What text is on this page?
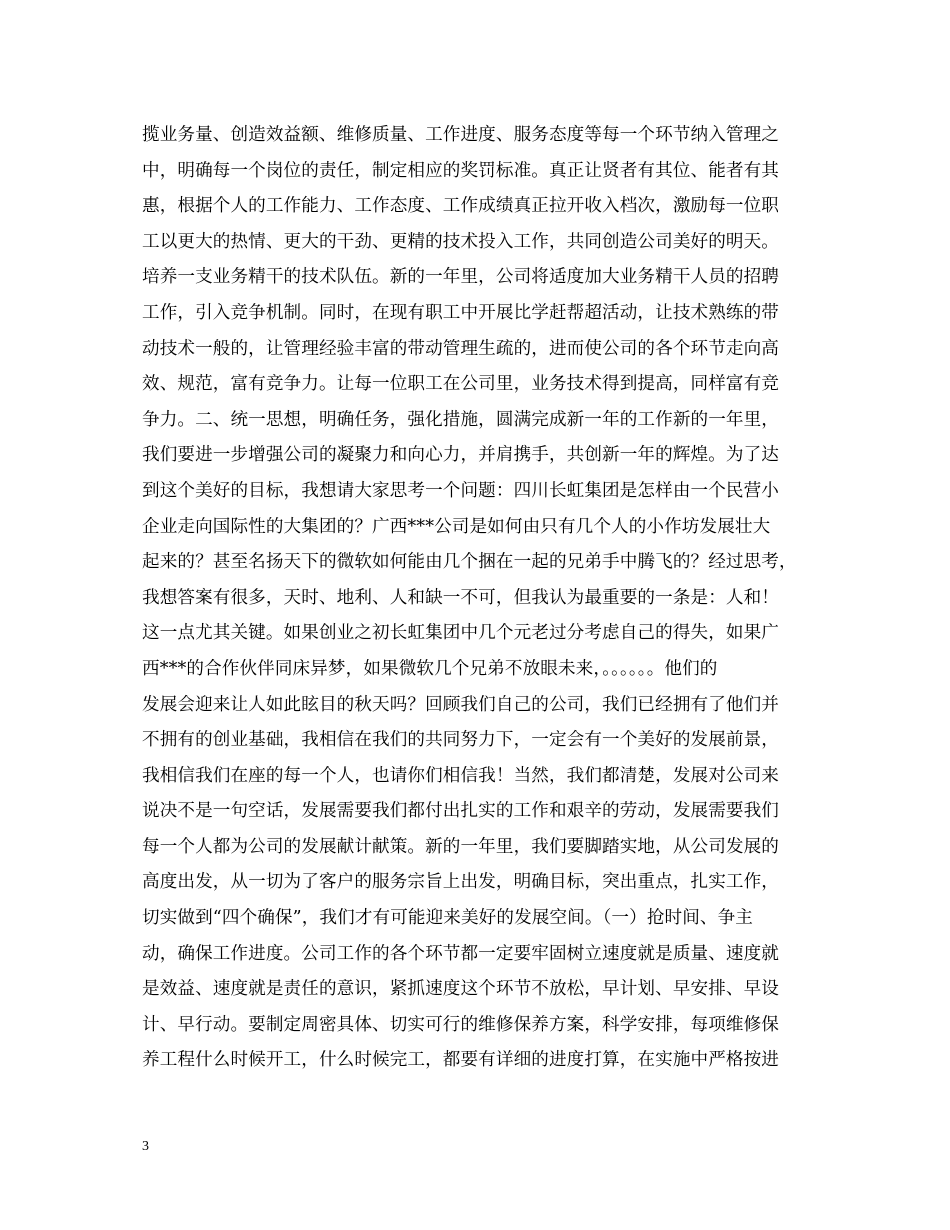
揽业务量、创造效益额、维修质量、工作进度、服务态度等每一个环节纳入管理之
中，明确每一个岗位的责任，制定相应的奖罚标准。真正让贤者有其位、能者有其
惠，根据个人的工作能力、工作态度、工作成绩真正拉开收入档次，激励每一位职
工以更大的热情、更大的干劲、更精的技术投入工作，共同创造公司美好的明天。
培养一支业务精干的技术队伍。新的一年里，公司将适度加大业务精干人员的招聘
工作，引入竞争机制。同时，在现有职工中开展比学赶帮超活动，让技术熟练的带
动技术一般的，让管理经验丰富的带动管理生疏的，进而使公司的各个环节走向高
效、规范，富有竞争力。让每一位职工在公司里，业务技术得到提高，同样富有竞
争力。二、统一思想，明确任务，强化措施，圆满完成新一年的工作新的一年里，
我们要进一步增强公司的凝聚力和向心力，并肩携手，共创新一年的辉煌。为了达
到这个美好的目标，我想请大家思考一个问题：四川长虹集团是怎样由一个民营小
企业走向国际性的大集团的？广西***公司是如何由只有几个人的小作坊发展壮大
起来的？甚至名扬天下的微软如何能由几个捆在一起的兄弟手中腾飞的？经过思考，
我想答案有很多，天时、地利、人和缺一不可，但我认为最重要的一条是：人和！
这一点尤其关键。如果创业之初长虹集团中几个元老过分考虑自己的得失，如果广
西***的合作伙伴同床异梦，如果微软几个兄弟不放眼未来，。。。。。。他们的
发展会迎来让人如此眩目的秋天吗？回顾我们自己的公司，我们已经拥有了他们并
不拥有的创业基础，我相信在我们的共同努力下，一定会有一个美好的发展前景，
我相信我们在座的每一个人，也请你们相信我！当然，我们都清楚，发展对公司来
说决不是一句空话，发展需要我们都付出扎实的工作和艰辛的劳动，发展需要我们
每一个人都为公司的发展献计献策。新的一年里，我们要脚踏实地，从公司发展的
高度出发，从一切为了客户的服务宗旨上出发，明确目标，突出重点，扎实工作，
切实做到“四个确保”，我们才有可能迎来美好的发展空间。（一）抢时间、争主
动，确保工作进度。公司工作的各个环节都一定要牢固树立速度就是质量、速度就
是效益、速度就是责任的意识，紧抓速度这个环节不放松，早计划、早安排、早设
计、早行动。要制定周密具体、切实可行的维修保养方案，科学安排，每项维修保
养工程什么时候开工，什么时候完工，都要有详细的进度打算，在实施中严格按进
3
